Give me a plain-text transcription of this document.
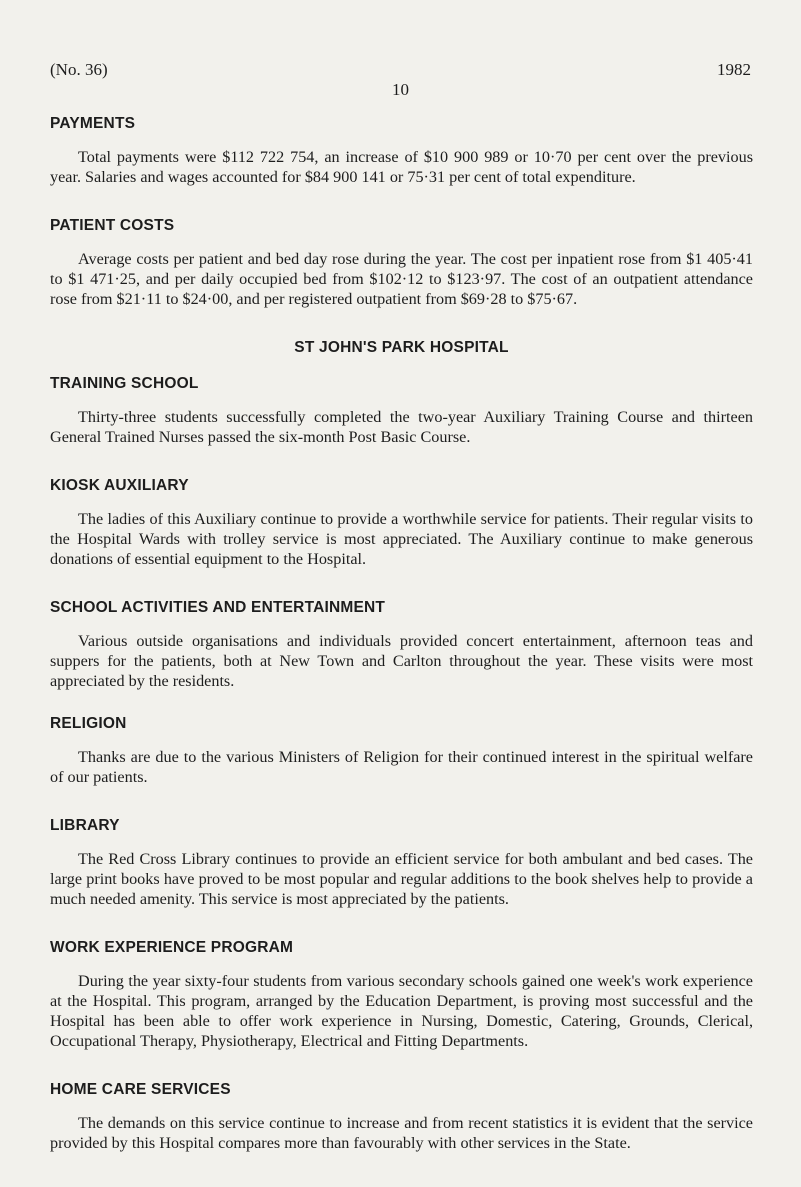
(No. 36)	1982
10
PAYMENTS

Total payments were $112 722 754, an increase of $10 900 989 or 10·70 per cent over the previous year. Salaries and wages accounted for $84 900 141 or 75·31 per cent of total expenditure.

PATIENT COSTS

Average costs per patient and bed day rose during the year. The cost per inpatient rose from $1 405·41 to $1 471·25, and per daily occupied bed from $102·12 to $123·97. The cost of an outpatient attendance rose from $21·11 to $24·00, and per registered outpatient from $69·28 to $75·67.

ST JOHN'S PARK HOSPITAL
TRAINING SCHOOL

Thirty-three students successfully completed the two-year Auxiliary Training Course and thirteen General Trained Nurses passed the six-month Post Basic Course.

KIOSK AUXILIARY

The ladies of this Auxiliary continue to provide a worthwhile service for patients. Their regular visits to the Hospital Wards with trolley service is most appreciated. The Auxiliary continue to make generous donations of essential equipment to the Hospital.

SCHOOL ACTIVITIES AND ENTERTAINMENT

Various outside organisations and individuals provided concert entertainment, afternoon teas and suppers for the patients, both at New Town and Carlton throughout the year. These visits were most appreciated by the residents.

RELIGION

Thanks are due to the various Ministers of Religion for their continued interest in the spiritual welfare of our patients.

LIBRARY

The Red Cross Library continues to provide an efficient service for both ambulant and bed cases. The large print books have proved to be most popular and regular additions to the book shelves help to provide a much needed amenity. This service is most appreciated by the patients.

WORK EXPERIENCE PROGRAM

During the year sixty-four students from various secondary schools gained one week's work experience at the Hospital. This program, arranged by the Education Department, is proving most successful and the Hospital has been able to offer work experience in Nursing, Domestic, Catering, Grounds, Clerical, Occupational Therapy, Physiotherapy, Electrical and Fitting Departments.

HOME CARE SERVICES

The demands on this service continue to increase and from recent statistics it is evident that the service provided by this Hospital compares more than favourably with other services in the State.
